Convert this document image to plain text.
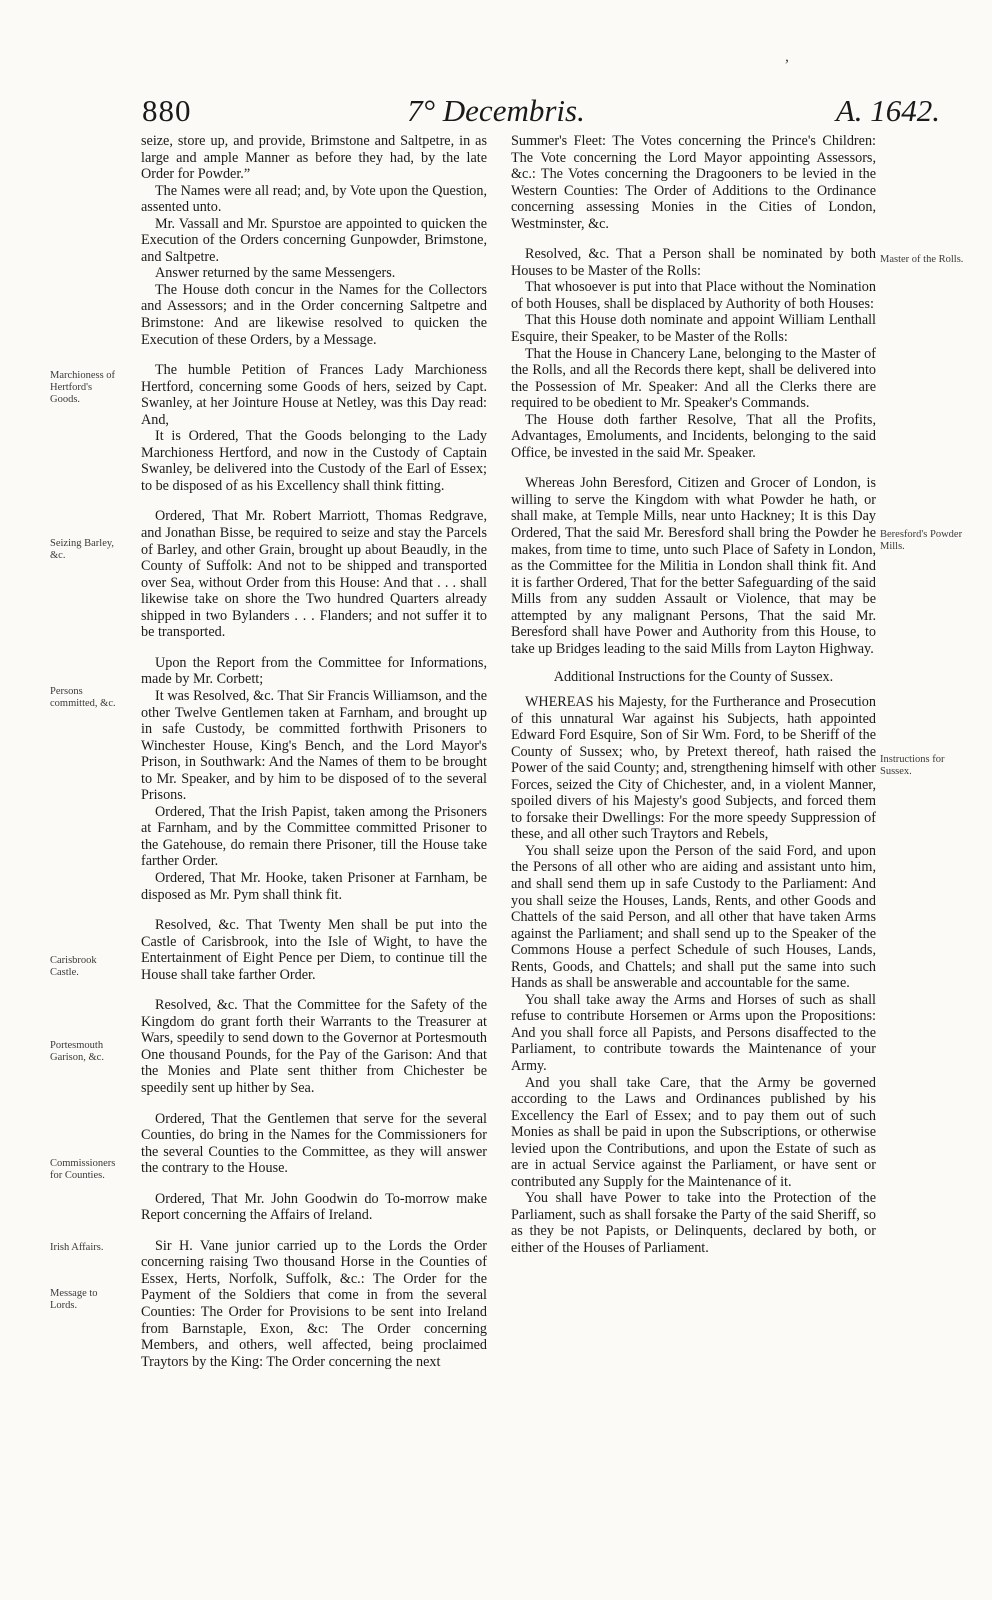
880	7° Decembris.	A. 1642.
,

seize, store up, and provide, Brimstone and Saltpetre, in as large and ample Manner as before they had, by the late Order for Powder.”

The Names were all read; and, by Vote upon the Question, assented unto.

Mr. Vassall and Mr. Spurstoe are appointed to quicken the Execution of the Orders concerning Gunpowder, Brimstone, and Saltpetre.

Answer returned by the same Messengers.

The House doth concur in the Names for the Collectors and Assessors; and in the Order concerning Saltpetre and Brimstone: And are likewise resolved to quicken the Execution of these Orders, by a Message.

The humble Petition of Frances Lady Marchioness Hertford, concerning some Goods of hers, seized by Capt. Swanley, at her Jointure House at Netley, was this Day read: And,

It is Ordered, That the Goods belonging to the Lady Marchioness Hertford, and now in the Custody of Captain Swanley, be delivered into the Custody of the Earl of Essex; to be disposed of as his Excellency shall think fitting.

Ordered, That Mr. Robert Marriott, Thomas Redgrave, and Jonathan Bisse, be required to seize and stay the Parcels of Barley, and other Grain, brought up about Beaudly, in the County of Suffolk: And not to be shipped and transported over Sea, without Order from this House: And that . . . shall likewise take on shore the Two hundred Quarters already shipped in two Bylanders . . . Flanders; and not suffer it to be transported.

Upon the Report from the Committee for Informations, made by Mr. Corbett;

It was Resolved, &c. That Sir Francis Williamson, and the other Twelve Gentlemen taken at Farnham, and brought up in safe Custody, be committed forthwith Prisoners to Winchester House, King's Bench, and the Lord Mayor's Prison, in Southwark: And the Names of them to be brought to Mr. Speaker, and by him to be disposed of to the several Prisons.

Ordered, That the Irish Papist, taken among the Prisoners at Farnham, and by the Committee committed Prisoner to the Gatehouse, do remain there Prisoner, till the House take farther Order.

Ordered, That Mr. Hooke, taken Prisoner at Farnham, be disposed as Mr. Pym shall think fit.

Resolved, &c. That Twenty Men shall be put into the Castle of Carisbrook, into the Isle of Wight, to have the Entertainment of Eight Pence per Diem, to continue till the House shall take farther Order.

Resolved, &c. That the Committee for the Safety of the Kingdom do grant forth their Warrants to the Treasurer at Wars, speedily to send down to the Governor at Portesmouth One thousand Pounds, for the Pay of the Garison: And that the Monies and Plate sent thither from Chichester be speedily sent up hither by Sea.

Ordered, That the Gentlemen that serve for the several Counties, do bring in the Names for the Commissioners for the several Counties to the Committee, as they will answer the contrary to the House.

Ordered, That Mr. John Goodwin do To-morrow make Report concerning the Affairs of Ireland.

Sir H. Vane junior carried up to the Lords the Order concerning raising Two thousand Horse in the Counties of Essex, Herts, Norfolk, Suffolk, &c.: The Order for the Payment of the Soldiers that come in from the several Counties: The Order for Provisions to be sent into Ireland from Barnstaple, Exon, &c: The Order concerning Members, and others, well affected, being proclaimed Traytors by the King: The Order concerning the next

Summer's Fleet: The Votes concerning the Prince's Children: The Vote concerning the Lord Mayor appointing Assessors, &c.: The Votes concerning the Dragooners to be levied in the Western Counties: The Order of Additions to the Ordinance concerning assessing Monies in the Cities of London, Westminster, &c.

Resolved, &c. That a Person shall be nominated by both Houses to be Master of the Rolls:

That whosoever is put into that Place without the Nomination of both Houses, shall be displaced by Authority of both Houses:

That this House doth nominate and appoint William Lenthall Esquire, their Speaker, to be Master of the Rolls:

That the House in Chancery Lane, belonging to the Master of the Rolls, and all the Records there kept, shall be delivered into the Possession of Mr. Speaker: And all the Clerks there are required to be obedient to Mr. Speaker's Commands.

The House doth farther Resolve, That all the Profits, Advantages, Emoluments, and Incidents, belonging to the said Office, be invested in the said Mr. Speaker.

Whereas John Beresford, Citizen and Grocer of London, is willing to serve the Kingdom with what Powder he hath, or shall make, at Temple Mills, near unto Hackney; It is this Day Ordered, That the said Mr. Beresford shall bring the Powder he makes, from time to time, unto such Place of Safety in London, as the Committee for the Militia in London shall think fit. And it is farther Ordered, That for the better Safeguarding of the said Mills from any sudden Assault or Violence, that may be attempted by any malignant Persons, That the said Mr. Beresford shall have Power and Authority from this House, to take up Bridges leading to the said Mills from Layton Highway.

Additional Instructions for the County of Sussex.

WHEREAS his Majesty, for the Furtherance and Prosecution of this unnatural War against his Subjects, hath appointed Edward Ford Esquire, Son of Sir Wm. Ford, to be Sheriff of the County of Sussex; who, by Pretext thereof, hath raised the Power of the said County; and, strengthening himself with other Forces, seized the City of Chichester, and, in a violent Manner, spoiled divers of his Majesty's good Subjects, and forced them to forsake their Dwellings: For the more speedy Suppression of these, and all other such Traytors and Rebels,

You shall seize upon the Person of the said Ford, and upon the Persons of all other who are aiding and assistant unto him, and shall send them up in safe Custody to the Parliament: And you shall seize the Houses, Lands, Rents, and other Goods and Chattels of the said Person, and all other that have taken Arms against the Parliament; and shall send up to the Speaker of the Commons House a perfect Schedule of such Houses, Lands, Rents, Goods, and Chattels; and shall put the same into such Hands as shall be answerable and accountable for the same.

You shall take away the Arms and Horses of such as shall refuse to contribute Horsemen or Arms upon the Propositions: And you shall force all Papists, and Persons disaffected to the Parliament, to contribute towards the Maintenance of your Army.

And you shall take Care, that the Army be governed according to the Laws and Ordinances published by his Excellency the Earl of Essex; and to pay them out of such Monies as shall be paid in upon the Subscriptions, or otherwise levied upon the Contributions, and upon the Estate of such as are in actual Service against the Parliament, or have sent or contributed any Supply for the Maintenance of it.

You shall have Power to take into the Protection of the Parliament, such as shall forsake the Party of the said Sheriff, so as they be not Papists, or Delinquents, declared by both, or either of the Houses of Parliament.

Marchioness of Hertford's Goods.
Seizing Barley, &c.
Persons committed, &c.
Carisbrook Castle.
Portesmouth Garison, &c.
Commissioners for Counties.
Irish Affairs.
Message to Lords.
Master of the Rolls.
Beresford's Powder Mills.
Instructions for Sussex.
